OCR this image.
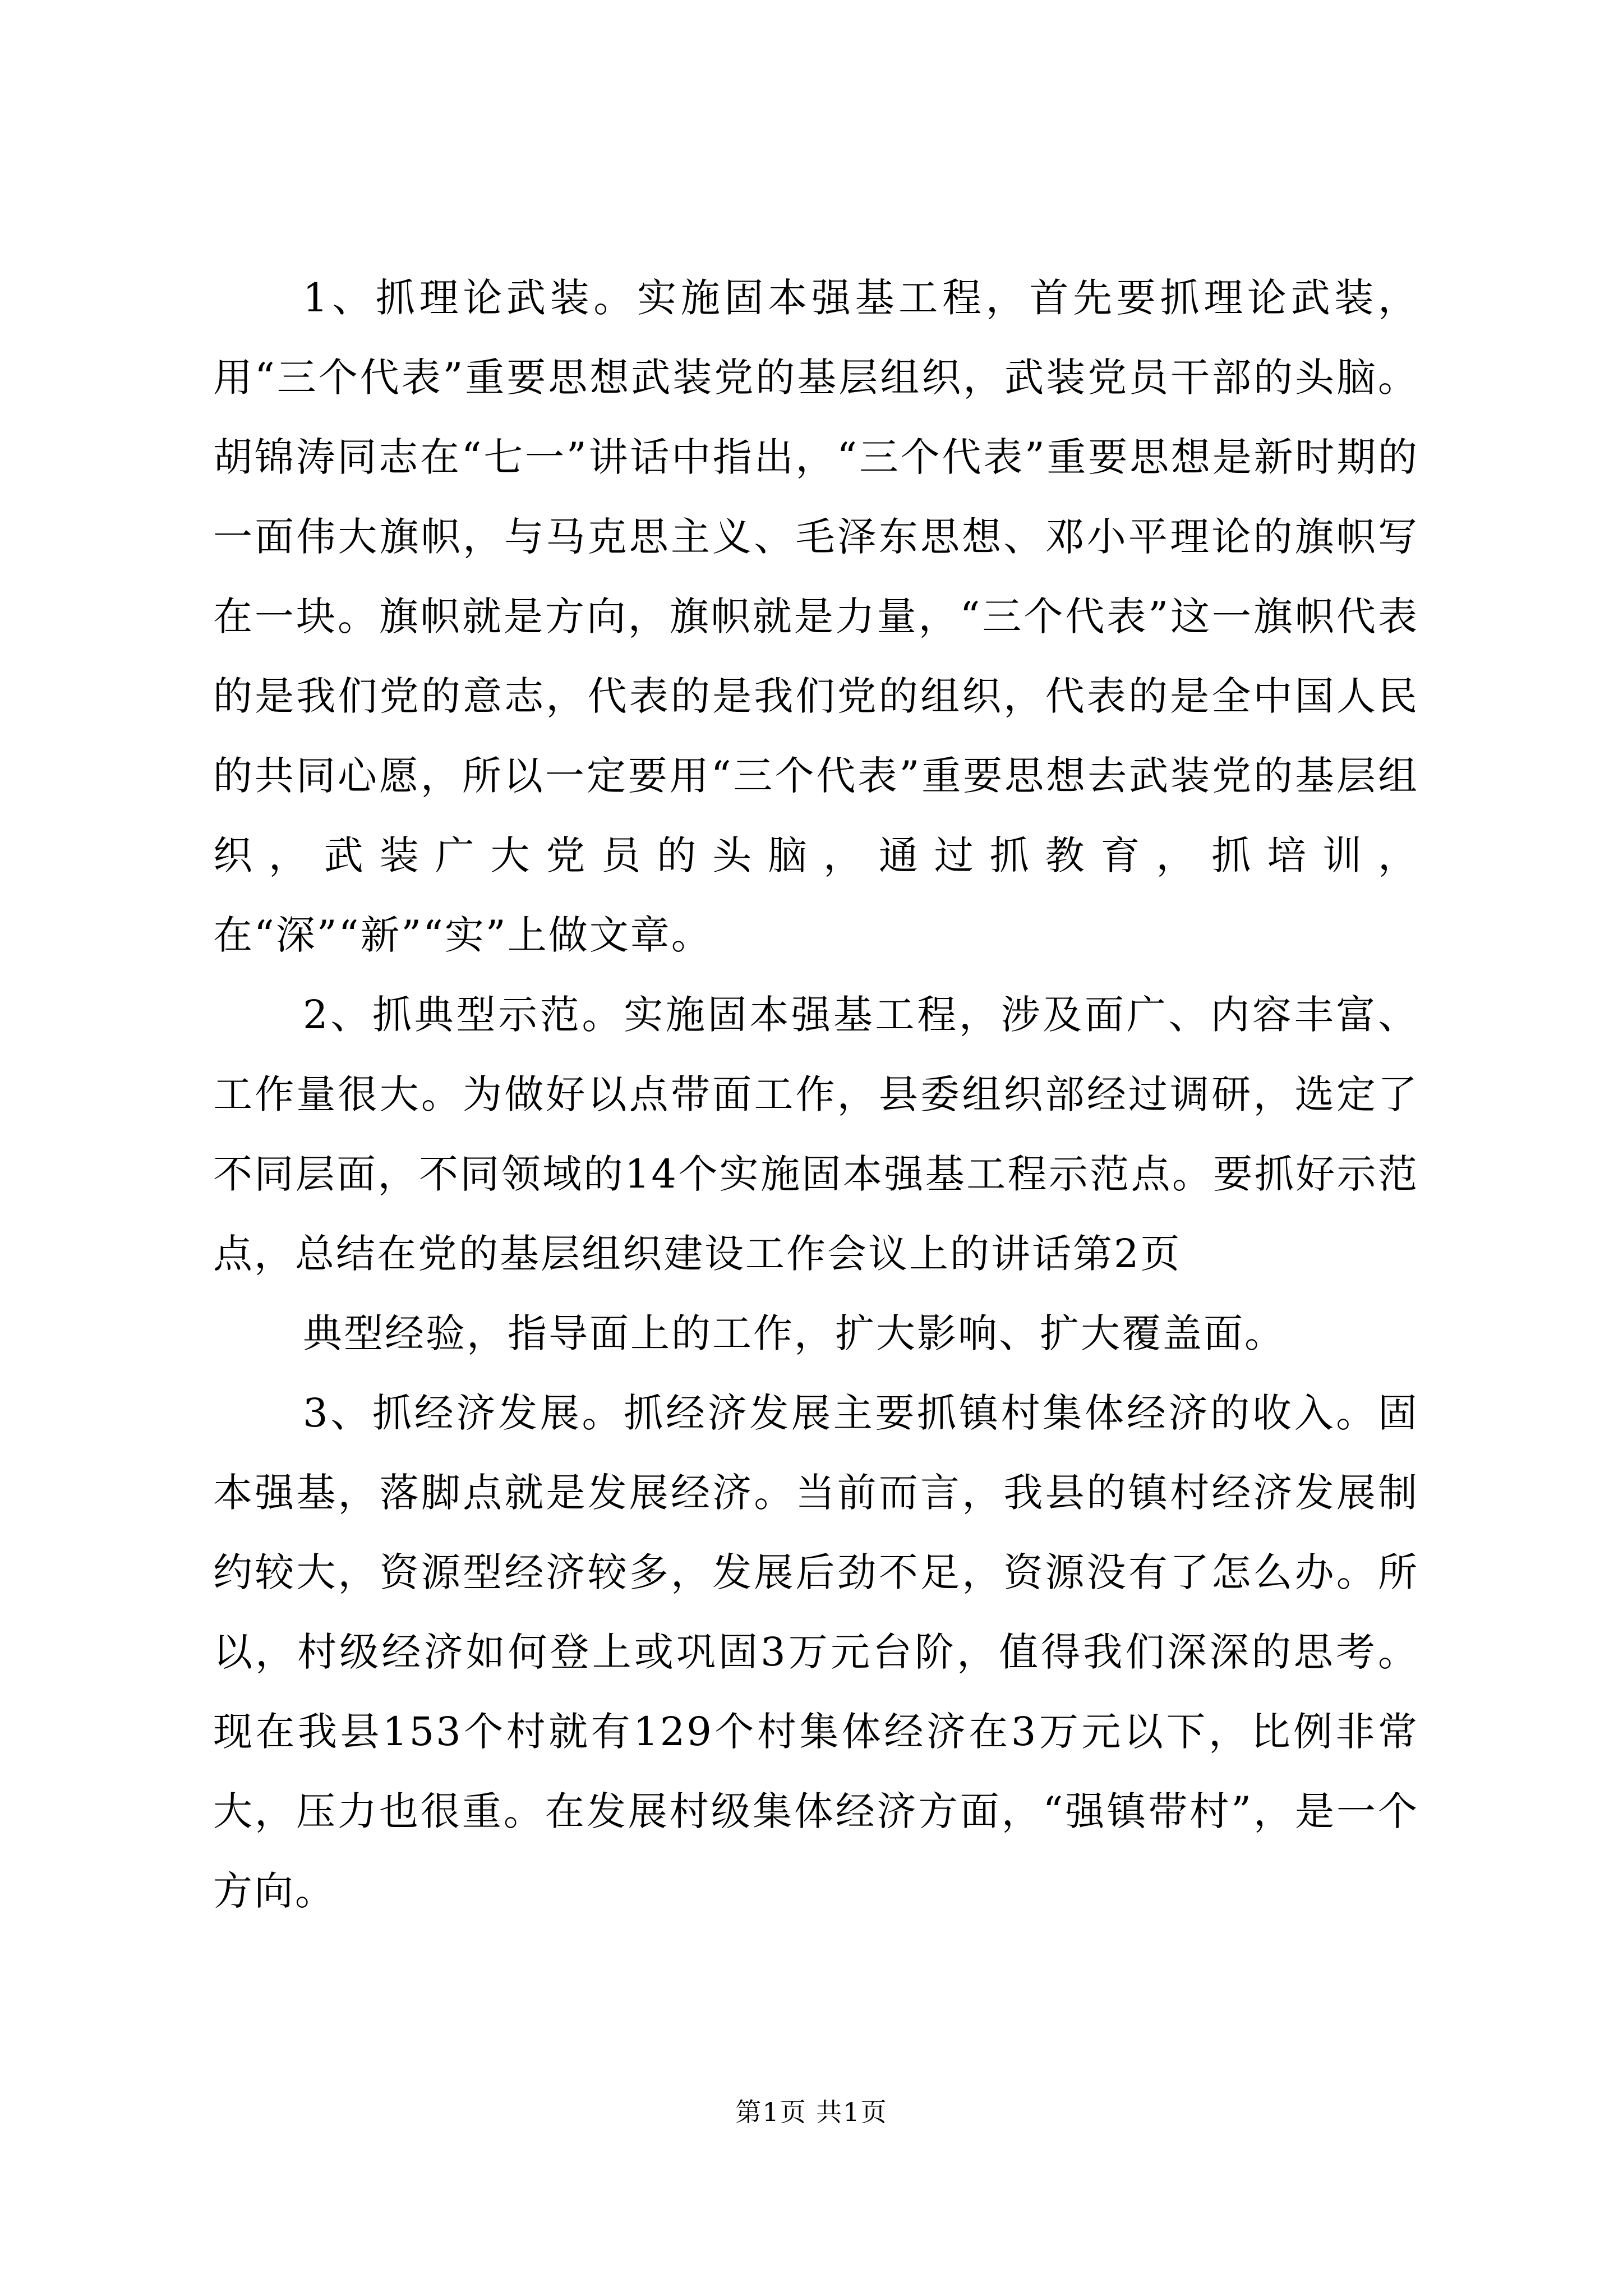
1、抓理论武装。实施固本强基工程，首先要抓理论武装，用“三个代表”重要思想武装党的基层组织，武装党员干部的头脑。胡锦涛同志在“七一”讲话中指出，“三个代表”重要思想是新时期的一面伟大旗帜，与马克思主义、毛泽东思想、邓小平理论的旗帜写在一块。旗帜就是方向，旗帜就是力量，“三个代表”这一旗帜代表的是我们党的意志，代表的是我们党的组织，代表的是全中国人民的共同心愿，所以一定要用“三个代表”重要思想去武装党的基层组织，武装广大党员的头脑，通过抓教育，抓培训，在“深”“新”“实”上做文章。

2、抓典型示范。实施固本强基工程，涉及面广、内容丰富、工作量很大。为做好以点带面工作，县委组织部经过调研，选定了不同层面，不同领域的14个实施固本强基工程示范点。要抓好示范点，总结在党的基层组织建设工作会议上的讲话第2页

典型经验，指导面上的工作，扩大影响、扩大覆盖面。

3、抓经济发展。抓经济发展主要抓镇村集体经济的收入。固本强基，落脚点就是发展经济。当前而言，我县的镇村经济发展制约较大，资源型经济较多，发展后劲不足，资源没有了怎么办。所以，村级经济如何登上或巩固3万元台阶，值得我们深深的思考。现在我县153个村就有129个村集体经济在3万元以下，比例非常大，压力也很重。在发展村级集体经济方面，“强镇带村”，是一个方向。

第1页 共1页
